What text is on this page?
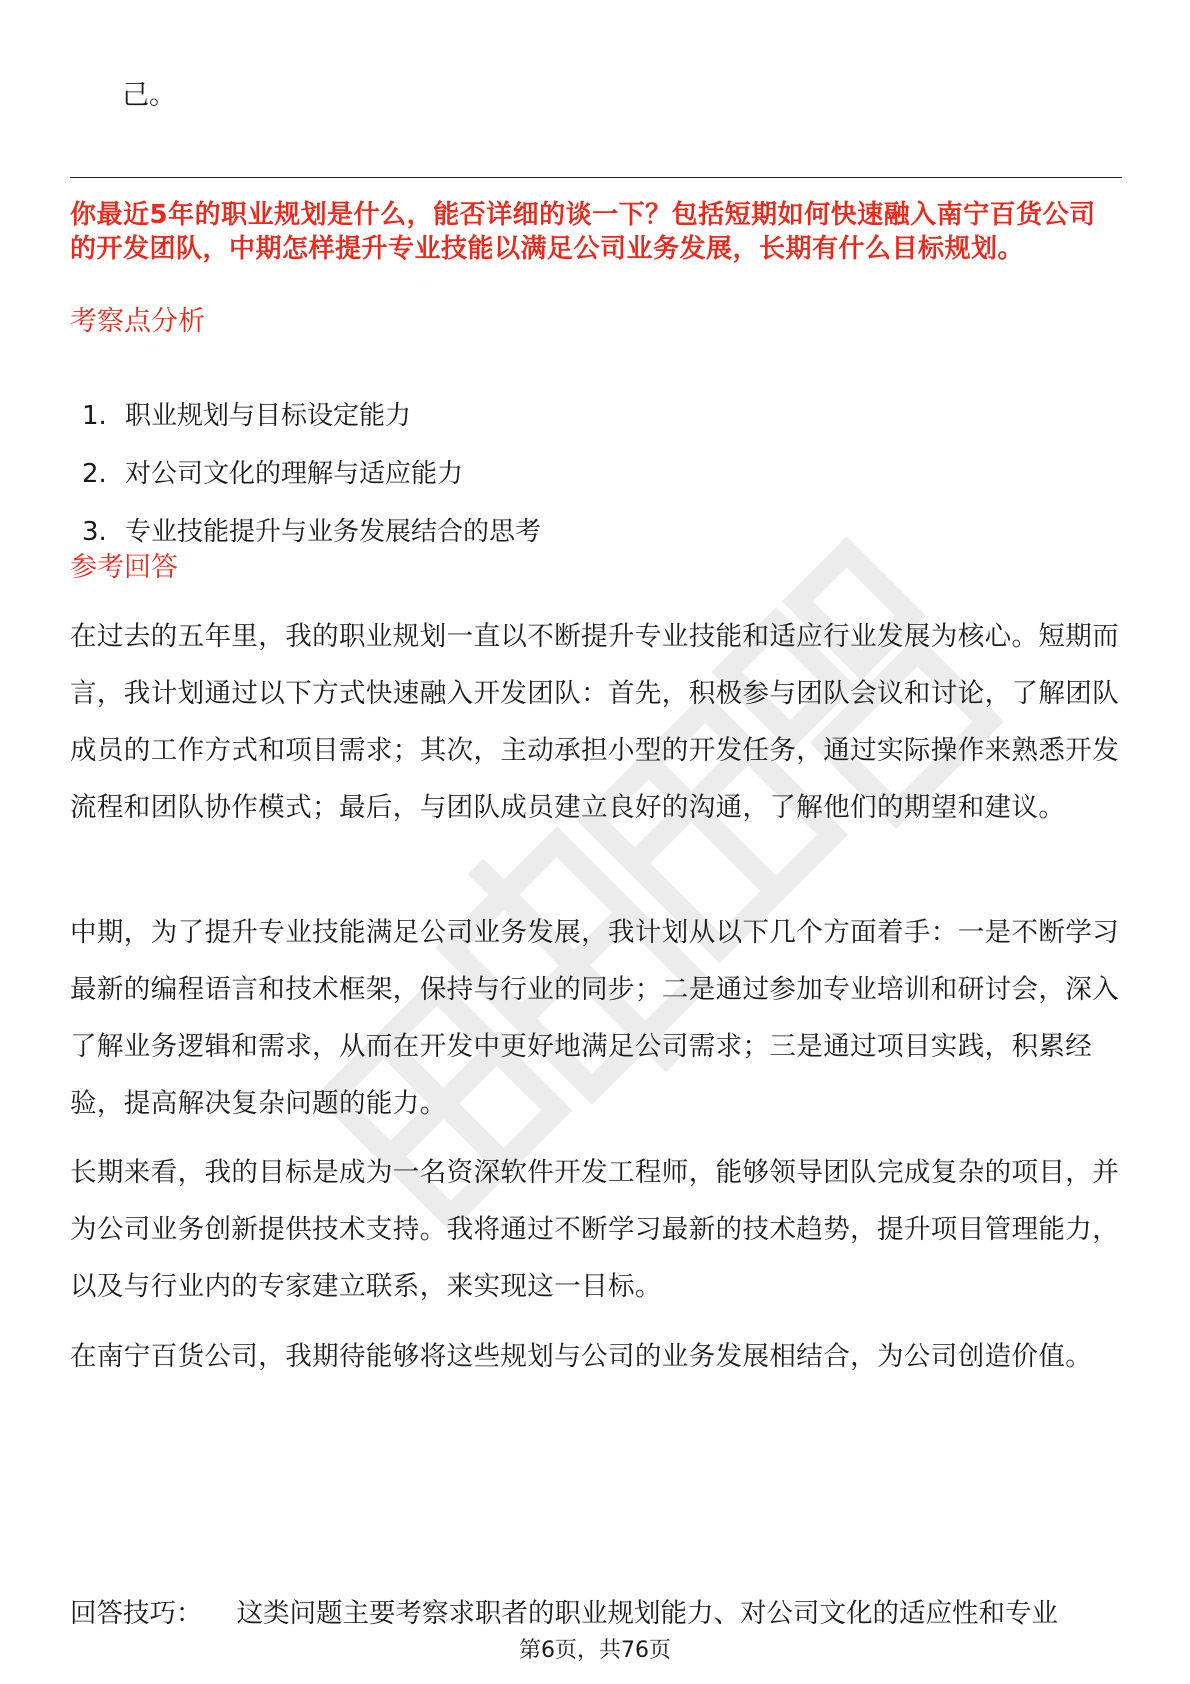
己。
你最近5年的职业规划是什么，能否详细的谈一下？包括短期如何快速融入南宁百货公司的开发团队，中期怎样提升专业技能以满足公司业务发展，长期有什么目标规划。
考察点分析
1. 职业规划与目标设定能力
2. 对公司文化的理解与适应能力
3. 专业技能提升与业务发展结合的思考
参考回答

在过去的五年里，我的职业规划一直以不断提升专业技能和适应行业发展为核心。短期而言，我计划通过以下方式快速融入开发团队：首先，积极参与团队会议和讨论，了解团队成员的工作方式和项目需求；其次，主动承担小型的开发任务，通过实际操作来熟悉开发流程和团队协作模式；最后，与团队成员建立良好的沟通，了解他们的期望和建议。

中期，为了提升专业技能满足公司业务发展，我计划从以下几个方面着手：一是不断学习最新的编程语言和技术框架，保持与行业的同步；二是通过参加专业培训和研讨会，深入了解业务逻辑和需求，从而在开发中更好地满足公司需求；三是通过项目实践，积累经验，提高解决复杂问题的能力。

长期来看，我的目标是成为一名资深软件开发工程师，能够领导团队完成复杂的项目，并为公司业务创新提供技术支持。我将通过不断学习最新的技术趋势，提升项目管理能力，以及与行业内的专家建立联系，来实现这一目标。

在南宁百货公司，我期待能够将这些规划与公司的业务发展相结合，为公司创造价值。

回答技巧： 这类问题主要考察求职者的职业规划能力、对公司文化的适应性和专业
第6页，共76页
